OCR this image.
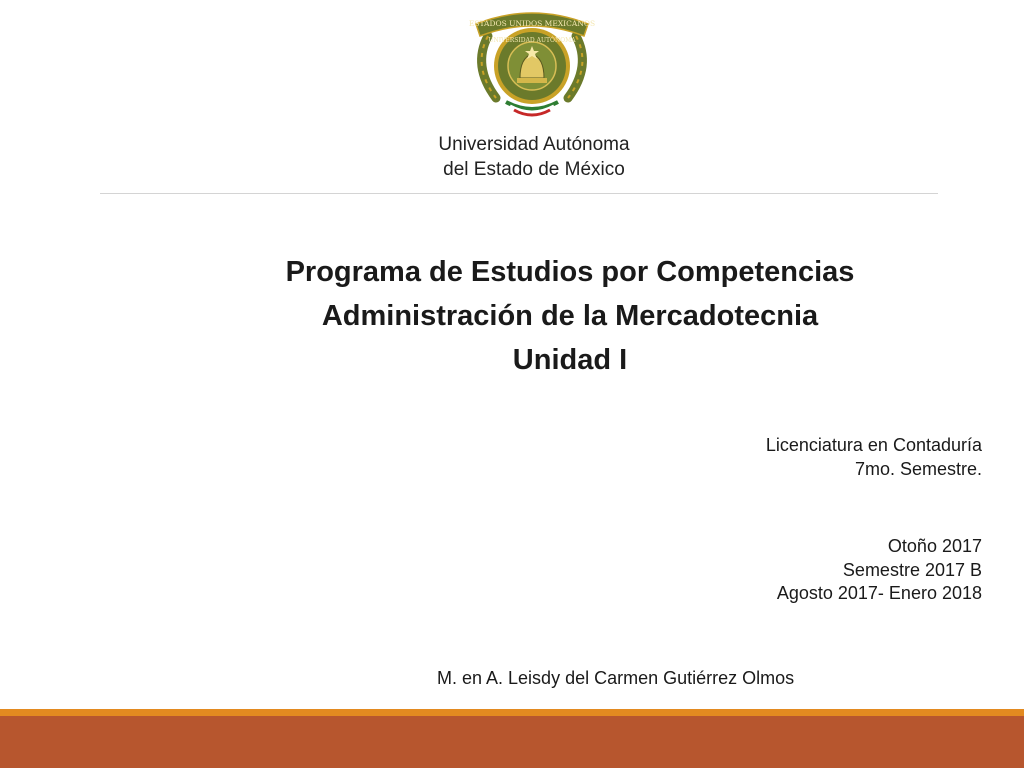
ESTADOS UNIDOS MEXICANOS
UNIVERSIDAD AUTÓNOMA
Universidad Autónoma
del Estado de México
Programa de Estudios por Competencias
Administración de la Mercadotecnia
Unidad I
Licenciatura en Contaduría
7mo. Semestre.
Otoño 2017
Semestre 2017 B
Agosto 2017- Enero 2018
M. en A. Leisdy del Carmen Gutiérrez Olmos
